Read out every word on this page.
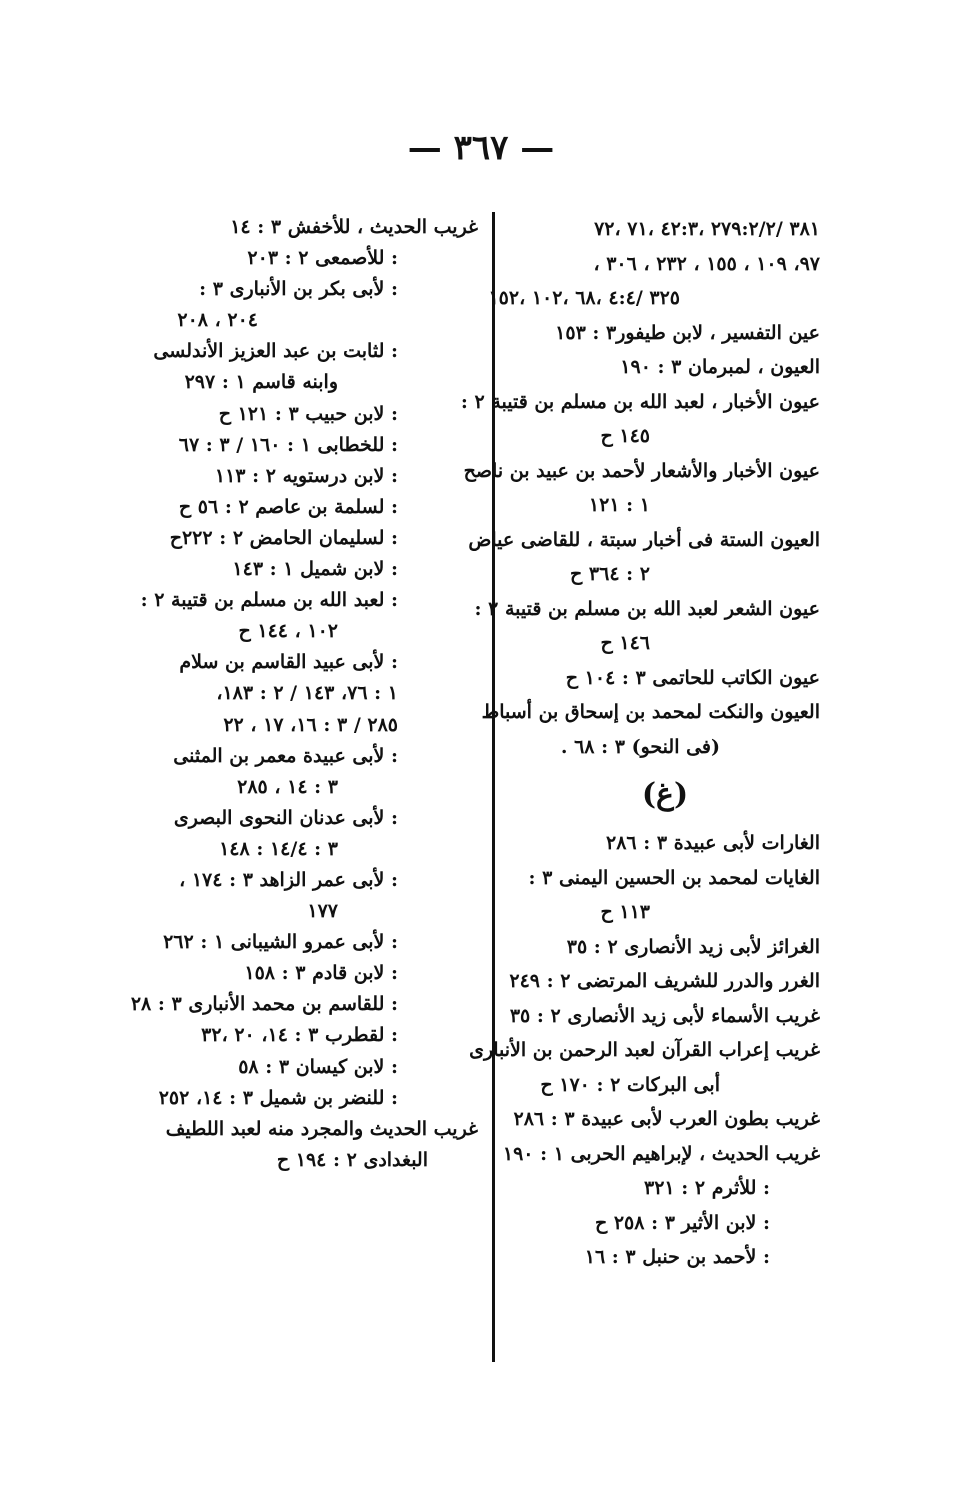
— ٣٦٧ —
٣٨١ /٢٧٩:٢/٢ ،٤٢:٣ ،٧١ ،٧٢
٩٧، ١٠٩ ، ١٥٥ ، ٢٣٢ ، ٣٠٦ ،
٣٢٥ /٤:٤ ،٦٨ ،١٠٢ ،١٥٢
عين التفسير ، لابن طيفور٣ : ١٥٣
العيون ، لمبرمان ٣ : ١٩٠
عيون الأخبار ، لعبد الله بن مسلم بن قتيبة ٢ :
١٤٥ ح
عيون الأخبار والأشعار لأحمد بن عبيد بن ناصح
١ : ١٢١
العيون الستة فى أخبار سبتة ، للقاضى عياض
٢ : ٣٦٤ ح
عيون الشعر لعبد الله بن مسلم بن قتيبة ٢ :
١٤٦ ح
عيون الكاتب للحاتمى ٣ : ١٠٤ ح
العيون والنكت لمحمد بن إسحاق بن أسباط
(فى النحو) ٣ : ٦٨ .
(غ)
الغارات لأبى عبيدة ٣ : ٢٨٦
الغايات لمحمد بن الحسين اليمنى ٣ :
١١٣ ح
الغرائز لأبى زيد الأنصارى ٢ : ٣٥
الغرر والدرر للشريف المرتضى ٢ : ٢٤٩
غريب الأسماء لأبى زيد الأنصارى ٢ : ٣٥
غريب إعراب القرآن لعبد الرحمن بن الأنبارى
أبى البركات ٢ : ١٧٠ ح
غريب بطون العرب لأبى عبيدة ٣ : ٢٨٦
غريب الحديث ، لإبراهيم الحربى ١ : ١٩٠
: للأثرم ٢ : ٣٢١
: لابن الأثير ٣ : ٢٥٨ ح
: لأحمد بن حنبل ٣ : ١٦
غريب الحديث ، للأخفش ٣ : ١٤
: للأصمعى ٢ : ٢٠٣
: لأبى بكر بن الأنبارى ٣ :
٢٠٤ ، ٢٠٨
: لثابت بن عبد العزيز الأندلسى
وابنه قاسم ١ : ٢٩٧
: لابن حبيب ٣ : ١٢١ ح
: للخطابى ١ : ١٦٠ / ٣ : ٦٧
: لابن درستويه ٢ : ١١٣
: لسلمة بن عاصم ٢ : ٥٦ ح
: لسليمان الحامض ٢ : ٢٢٢ح
: لابن شميل ١ : ١٤٣
: لعبد الله بن مسلم بن قتيبة ٢ :
١٠٢ ، ١٤٤ ح
: لأبى عبيد القاسم بن سلام
١ : ٧٦، ١٤٣ / ٢ : ١٨٣،
٢٨٥ / ٣ : ١٦، ١٧ ، ٢٢
: لأبى عبيدة معمر بن المثنى
٣ : ١٤ ، ٢٨٥
: لأبى عدنان النحوى البصرى
٣ : ١٤/٤ : ١٤٨
: لأبى عمر الزاهد ٣ : ١٧٤ ،
١٧٧
: لأبى عمرو الشيبانى ١ : ٢٦٢
: لابن قادم ٣ : ١٥٨
: للقاسم بن محمد الأنبارى ٣ : ٢٨
: لقطرب ٣ : ١٤، ٢٠ ،٣٢
: لابن كيسان ٣ : ٥٨
: للنضر بن شميل ٣ : ١٤، ٢٥٢
غريب الحديث والمجرد منه لعبد اللطيف
البغدادى ٢ : ١٩٤ ح
